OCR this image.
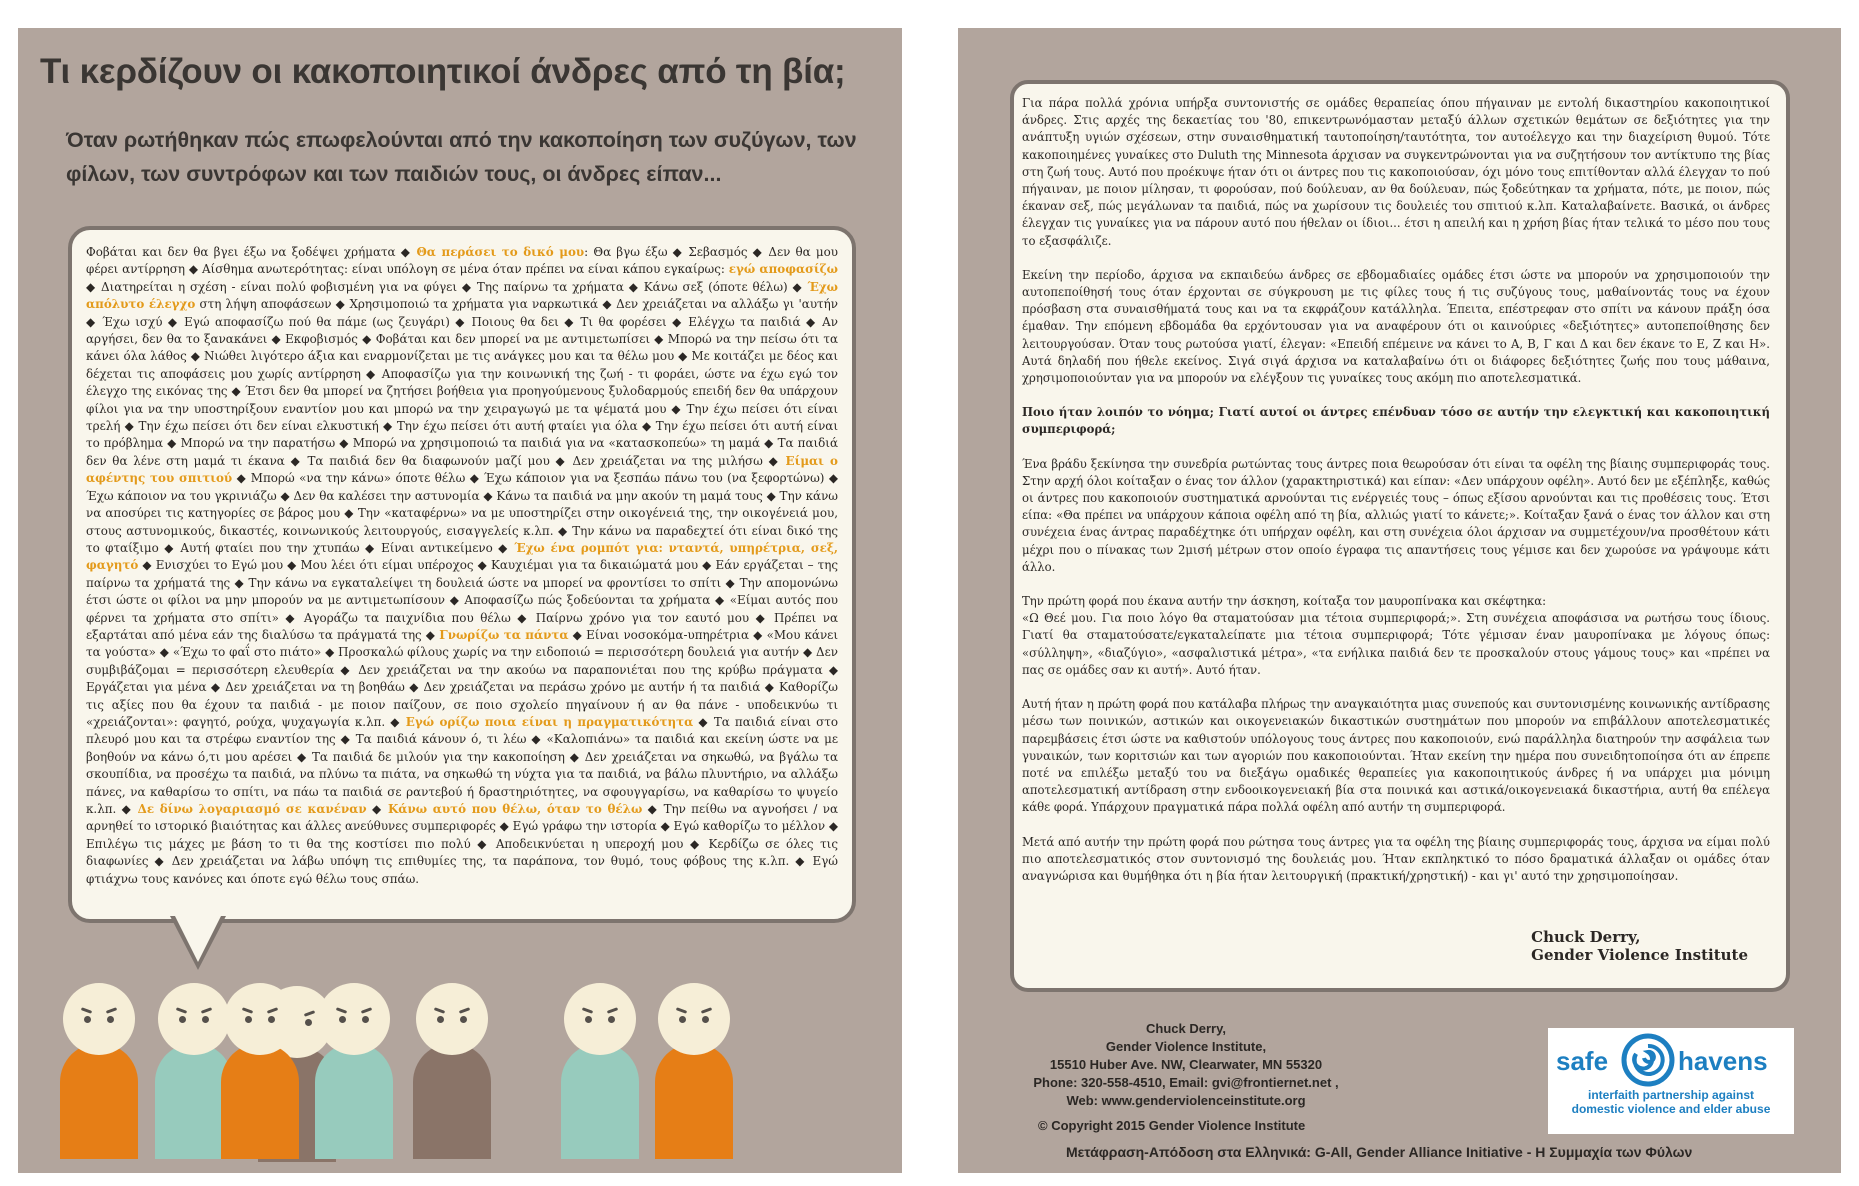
Τι κερδίζουν οι κακοποιητικοί άνδρες από τη βία;
Όταν ρωτήθηκαν πώς επωφελούνται από την κακοποίηση των συζύγων, των φίλων, των συντρόφων και των παιδιών τους, οι άνδρες είπαν...
Φοβάται και δεν θα βγει έξω να ξοδέψει χρήματα ◆ Θα περάσει το δικό μου: Θα βγω έξω ◆ Σεβασμός ◆ Δεν θα μου φέρει αντίρρηση ◆ Αίσθημα ανωτερότητας: είναι υπόλογη σε μένα όταν πρέπει να είναι κάπου εγκαίρως: εγώ αποφασίζω ◆ Διατηρείται η σχέση - είναι πολύ φοβισμένη για να φύγει ◆ Της παίρνω τα χρήματα ◆ Κάνω σεξ (όποτε θέλω) ◆ Έχω απόλυτο έλεγχο στη λήψη αποφάσεων ◆ Χρησιμοποιώ τα χρήματα για ναρκωτικά ◆ Δεν χρειάζεται να αλλάξω γι 'αυτήν ◆ Έχω ισχύ ◆ Εγώ αποφασίζω πού θα πάμε (ως ζευγάρι) ◆ Ποιους θα δει ◆ Τι θα φορέσει ◆ Ελέγχω τα παιδιά ◆ Αν αργήσει, δεν θα το ξανακάνει ◆ Εκφοβισμός ◆ Φοβάται και δεν μπορεί να με αντιμετωπίσει ◆ Μπορώ να την πείσω ότι τα κάνει όλα λάθος ◆ Νιώθει λιγότερο άξια και εναρμονίζεται με τις ανάγκες μου και τα θέλω μου ◆ Με κοιτάζει με δέος και δέχεται τις αποφάσεις μου χωρίς αντίρρηση ◆ Αποφασίζω για την κοινωνική της ζωή - τι φοράει, ώστε να έχω εγώ τον έλεγχο της εικόνας της ◆ Έτσι δεν θα μπορεί να ζητήσει βοήθεια για προηγούμενους ξυλοδαρμούς επειδή δεν θα υπάρχουν φίλοι για να την υποστηρίξουν εναντίον μου και μπορώ να την χειραγωγώ με τα ψέματά μου ◆ Την έχω πείσει ότι είναι τρελή ◆ Την έχω πείσει ότι δεν είναι ελκυστική ◆ Την έχω πείσει ότι αυτή φταίει για όλα ◆ Την έχω πείσει ότι αυτή είναι το πρόβλημα ◆ Μπορώ να την παρατήσω ◆ Μπορώ να χρησιμοποιώ τα παιδιά για να «κατασκοπεύω» τη μαμά ◆ Τα παιδιά δεν θα λένε στη μαμά τι έκανα ◆ Τα παιδιά δεν θα διαφωνούν μαζί μου ◆ Δεν χρειάζεται να της μιλήσω ◆ Είμαι ο αφέντης του σπιτιού ◆ Μπορώ «να την κάνω» όποτε θέλω ◆ Έχω κάποιον για να ξεσπάω πάνω του (να ξεφορτώνω) ◆ Έχω κάποιον να του γκρινιάζω ◆ Δεν θα καλέσει την αστυνομία ◆ Κάνω τα παιδιά να μην ακούν τη μαμά τους ◆ Την κάνω να αποσύρει τις κατηγορίες σε βάρος μου ◆ Την «καταφέρνω» να με υποστηρίζει στην οικογένειά της, την οικογένειά μου, στους αστυνομικούς, δικαστές, κοινωνικούς λειτουργούς, εισαγγελείς κ.λπ. ◆ Την κάνω να παραδεχτεί ότι είναι δικό της το φταίξιμο ◆ Αυτή φταίει που την χτυπάω ◆ Είναι αντικείμενο ◆ Έχω ένα ρομπότ για: νταντά, υπηρέτρια, σεξ, φαγητό ◆ Ενισχύει το Εγώ μου ◆ Μου λέει ότι είμαι υπέροχος ◆ Καυχιέμαι για τα δικαιώματά μου ◆ Εάν εργάζεται – της παίρνω τα χρήματά της ◆ Την κάνω να εγκαταλείψει τη δουλειά ώστε να μπορεί να φροντίσει το σπίτι ◆ Την απομονώνω έτσι ώστε οι φίλοι να μην μπορούν να με αντιμετωπίσουν ◆ Αποφασίζω πώς ξοδεύονται τα χρήματα ◆ «Είμαι αυτός που φέρνει τα χρήματα στο σπίτι» ◆ Αγοράζω τα παιχνίδια που θέλω ◆ Παίρνω χρόνο για τον εαυτό μου ◆ Πρέπει να εξαρτάται από μένα εάν της διαλύσω τα πράγματά της ◆ Γνωρίζω τα πάντα ◆ Είναι νοσοκόμα-υπηρέτρια ◆ «Μου κάνει τα γούστα» ◆ «Έχω το φαΐ στο πιάτο» ◆ Προσκαλώ φίλους χωρίς να την ειδοποιώ = περισσότερη δουλειά για αυτήν ◆ Δεν συμβιβάζομαι = περισσότερη ελευθερία ◆ Δεν χρειάζεται να την ακούω να παραπονιέται που της κρύβω πράγματα ◆ Εργάζεται για μένα ◆ Δεν χρειάζεται να τη βοηθάω ◆ Δεν χρειάζεται να περάσω χρόνο με αυτήν ή τα παιδιά ◆ Καθορίζω τις αξίες που θα έχουν τα παιδιά - με ποιον παίζουν, σε ποιο σχολείο πηγαίνουν ή αν θα πάνε - υποδεικνύω τι «χρειάζονται»: φαγητό, ρούχα, ψυχαγωγία κ.λπ. ◆ Εγώ ορίζω ποια είναι η πραγματικότητα ◆ Τα παιδιά είναι στο πλευρό μου και τα στρέφω εναντίον της ◆ Τα παιδιά κάνουν ό, τι λέω ◆ «Καλοπιάνω» τα παιδιά και εκείνη ώστε να με βοηθούν να κάνω ό,τι μου αρέσει ◆ Τα παιδιά δε μιλούν για την κακοποίηση ◆ Δεν χρειάζεται να σηκωθώ, να βγάλω τα σκουπίδια, να προσέχω τα παιδιά, να πλύνω τα πιάτα, να σηκωθώ τη νύχτα για τα παιδιά, να βάλω πλυντήριο, να αλλάξω πάνες, να καθαρίσω το σπίτι, να πάω τα παιδιά σε ραντεβού ή δραστηριότητες, να σφουγγαρίσω, να καθαρίσω το ψυγείο κ.λπ. ◆ Δε δίνω λογαριασμό σε κανέναν ◆ Κάνω αυτό που θέλω, όταν το θέλω ◆ Την πείθω να αγνοήσει / να αρνηθεί το ιστορικό βιαιότητας και άλλες ανεύθυνες συμπεριφορές ◆ Εγώ γράφω την ιστορία ◆ Εγώ καθορίζω το μέλλον ◆ Επιλέγω τις μάχες με βάση το τι θα της κοστίσει πιο πολύ ◆ Αποδεικνύεται η υπεροχή μου ◆ Κερδίζω σε όλες τις διαφωνίες ◆ Δεν χρειάζεται να λάβω υπόψη τις επιθυμίες της, τα παράπονα, τον θυμό, τους φόβους της κ.λπ. ◆ Εγώ φτιάχνω τους κανόνες και όποτε εγώ θέλω τους σπάω.

Για πάρα πολλά χρόνια υπήρξα συντονιστής σε ομάδες θεραπείας όπου πήγαιναν με εντολή δικαστηρίου κακοποιητικοί άνδρες. Στις αρχές της δεκαετίας του '80, επικεντρωνόμασταν μεταξύ άλλων σχετικών θεμάτων σε δεξιότητες για την ανάπτυξη υγιών σχέσεων, στην συναισθηματική ταυτοποίηση/ταυτότητα, τον αυτοέλεγχο και την διαχείριση θυμού. Τότε κακοποιημένες γυναίκες στο Duluth της Minnesota άρχισαν να συγκεντρώνονται για να συζητήσουν τον αντίκτυπο της βίας στη ζωή τους. Αυτό που προέκυψε ήταν ότι οι άντρες που τις κακοποιούσαν, όχι μόνο τους επιτίθονταν αλλά έλεγχαν το πού πήγαιναν, με ποιον μίλησαν, τι φορούσαν, πού δούλευαν, αν θα δούλευαν, πώς ξοδεύτηκαν τα χρήματα, πότε, με ποιον, πώς έκαναν σεξ, πώς μεγάλωναν τα παιδιά, πώς να χωρίσουν τις δουλειές του σπιτιού κ.λπ. Καταλαβαίνετε. Βασικά, οι άνδρες έλεγχαν τις γυναίκες για να πάρουν αυτό που ήθελαν οι ίδιοι... έτσι η απειλή και η χρήση βίας ήταν τελικά το μέσο που τους το εξασφάλιζε.

Εκείνη την περίοδο, άρχισα να εκπαιδεύω άνδρες σε εβδομαδιαίες ομάδες έτσι ώστε να μπορούν να χρησιμοποιούν την αυτοπεποίθησή τους όταν έρχονται σε σύγκρουση με τις φίλες τους ή τις συζύγους τους, μαθαίνοντάς τους να έχουν πρόσβαση στα συναισθήματά τους και να τα εκφράζουν κατάλληλα. Έπειτα, επέστρεφαν στο σπίτι να κάνουν πράξη όσα έμαθαν. Την επόμενη εβδομάδα θα ερχόντουσαν για να αναφέρουν ότι οι καινούριες «δεξιότητες» αυτοπεποίθησης δεν λειτουργούσαν. Όταν τους ρωτούσα γιατί, έλεγαν: «Επειδή επέμεινε να κάνει το Α, Β, Γ και Δ και δεν έκανε το Ε, Ζ και Η». Αυτά δηλαδή που ήθελε εκείνος. Σιγά σιγά άρχισα να καταλαβαίνω ότι οι διάφορες δεξιότητες ζωής που τους μάθαινα, χρησιμοποιούνταν για να μπορούν να ελέγξουν τις γυναίκες τους ακόμη πιο αποτελεσματικά.

Ποιο ήταν λοιπόν το νόημα; Γιατί αυτοί οι άντρες επένδυαν τόσο σε αυτήν την ελεγκτική και κακοποιητική συμπεριφορά;

Ένα βράδυ ξεκίνησα την συνεδρία ρωτώντας τους άντρες ποια θεωρούσαν ότι είναι τα οφέλη της βίαιης συμπεριφοράς τους. Στην αρχή όλοι κοίταξαν ο ένας τον άλλον (χαρακτηριστικά) και είπαν: «Δεν υπάρχουν οφέλη». Αυτό δεν με εξέπληξε, καθώς οι άντρες που κακοποιούν συστηματικά αρνούνται τις ενέργειές τους – όπως εξίσου αρνούνται και τις προθέσεις τους. Έτσι είπα: «Θα πρέπει να υπάρχουν κάποια οφέλη από τη βία, αλλιώς γιατί το κάνετε;». Κοίταξαν ξανά ο ένας τον άλλον και στη συνέχεια ένας άντρας παραδέχτηκε ότι υπήρχαν οφέλη, και στη συνέχεια όλοι άρχισαν να συμμετέχουν/να προσθέτουν κάτι μέχρι που ο πίνακας των 2μισή μέτρων στον οποίο έγραφα τις απαντήσεις τους γέμισε και δεν χωρούσε να γράψουμε κάτι άλλο.

Την πρώτη φορά που έκανα αυτήν την άσκηση, κοίταξα τον μαυροπίνακα και σκέφτηκα:
«Ω Θεέ μου. Για ποιο λόγο θα σταματούσαν μια τέτοια συμπεριφορά;». Στη συνέχεια αποφάσισα να ρωτήσω τους ίδιους. Γιατί θα σταματούσατε/εγκαταλείπατε μια τέτοια συμπεριφορά; Τότε γέμισαν έναν μαυροπίνακα με λόγους όπως: «σύλληψη», «διαζύγιο», «ασφαλιστικά μέτρα», «τα ενήλικα παιδιά δεν τε προσκαλούν στους γάμους τους» και «πρέπει να πας σε ομάδες σαν κι αυτή». Αυτό ήταν.

Αυτή ήταν η πρώτη φορά που κατάλαβα πλήρως την αναγκαιότητα μιας συνεπούς και συντονισμένης κοινωνικής αντίδρασης μέσω των ποινικών, αστικών και οικογενειακών δικαστικών συστημάτων που μπορούν να επιβάλλουν αποτελεσματικές παρεμβάσεις έτσι ώστε να καθιστούν υπόλογους τους άντρες που κακοποιούν, ενώ παράλληλα διατηρούν την ασφάλεια των γυναικών, των κοριτσιών και των αγοριών που κακοποιούνται. Ήταν εκείνη την ημέρα που συνειδητοποίησα ότι αν έπρεπε ποτέ να επιλέξω μεταξύ του να διεξάγω ομαδικές θεραπείες για κακοποιητικούς άνδρες ή να υπάρχει μια μόνιμη αποτελεσματική αντίδραση στην ενδοοικογενειακή βία στα ποινικά και αστικά/οικογενειακά δικαστήρια, αυτή θα επέλεγα κάθε φορά. Υπάρχουν πραγματικά πάρα πολλά οφέλη από αυτήν τη συμπεριφορά.

Μετά από αυτήν την πρώτη φορά που ρώτησα τους άντρες για τα οφέλη της βίαιης συμπεριφοράς τους, άρχισα να είμαι πολύ πιο αποτελεσματικός στον συντονισμό της δουλειάς μου. Ήταν εκπληκτικό το πόσο δραματικά άλλαξαν οι ομάδες όταν αναγνώρισα και θυμήθηκα ότι η βία ήταν λειτουργική (πρακτική/χρηστική) - και γι' αυτό την χρησιμοποίησαν.

Chuck Derry,
Gender Violence Institute
Chuck Derry,
Gender Violence Institute,
15510 Huber Ave. NW, Clearwater, MN 55320
Phone: 320-558-4510, Email: gvi@frontiernet.net ,
Web: www.genderviolenceinstitute.org
© Copyright 2015 Gender Violence Institute
Μετάφραση-Απόδοση στα Ελληνικά: G-All, Gender Alliance Initiative - Η Συμμαχία των Φύλων
safe	havens
interfaith partnership against
domestic violence and elder abuse
